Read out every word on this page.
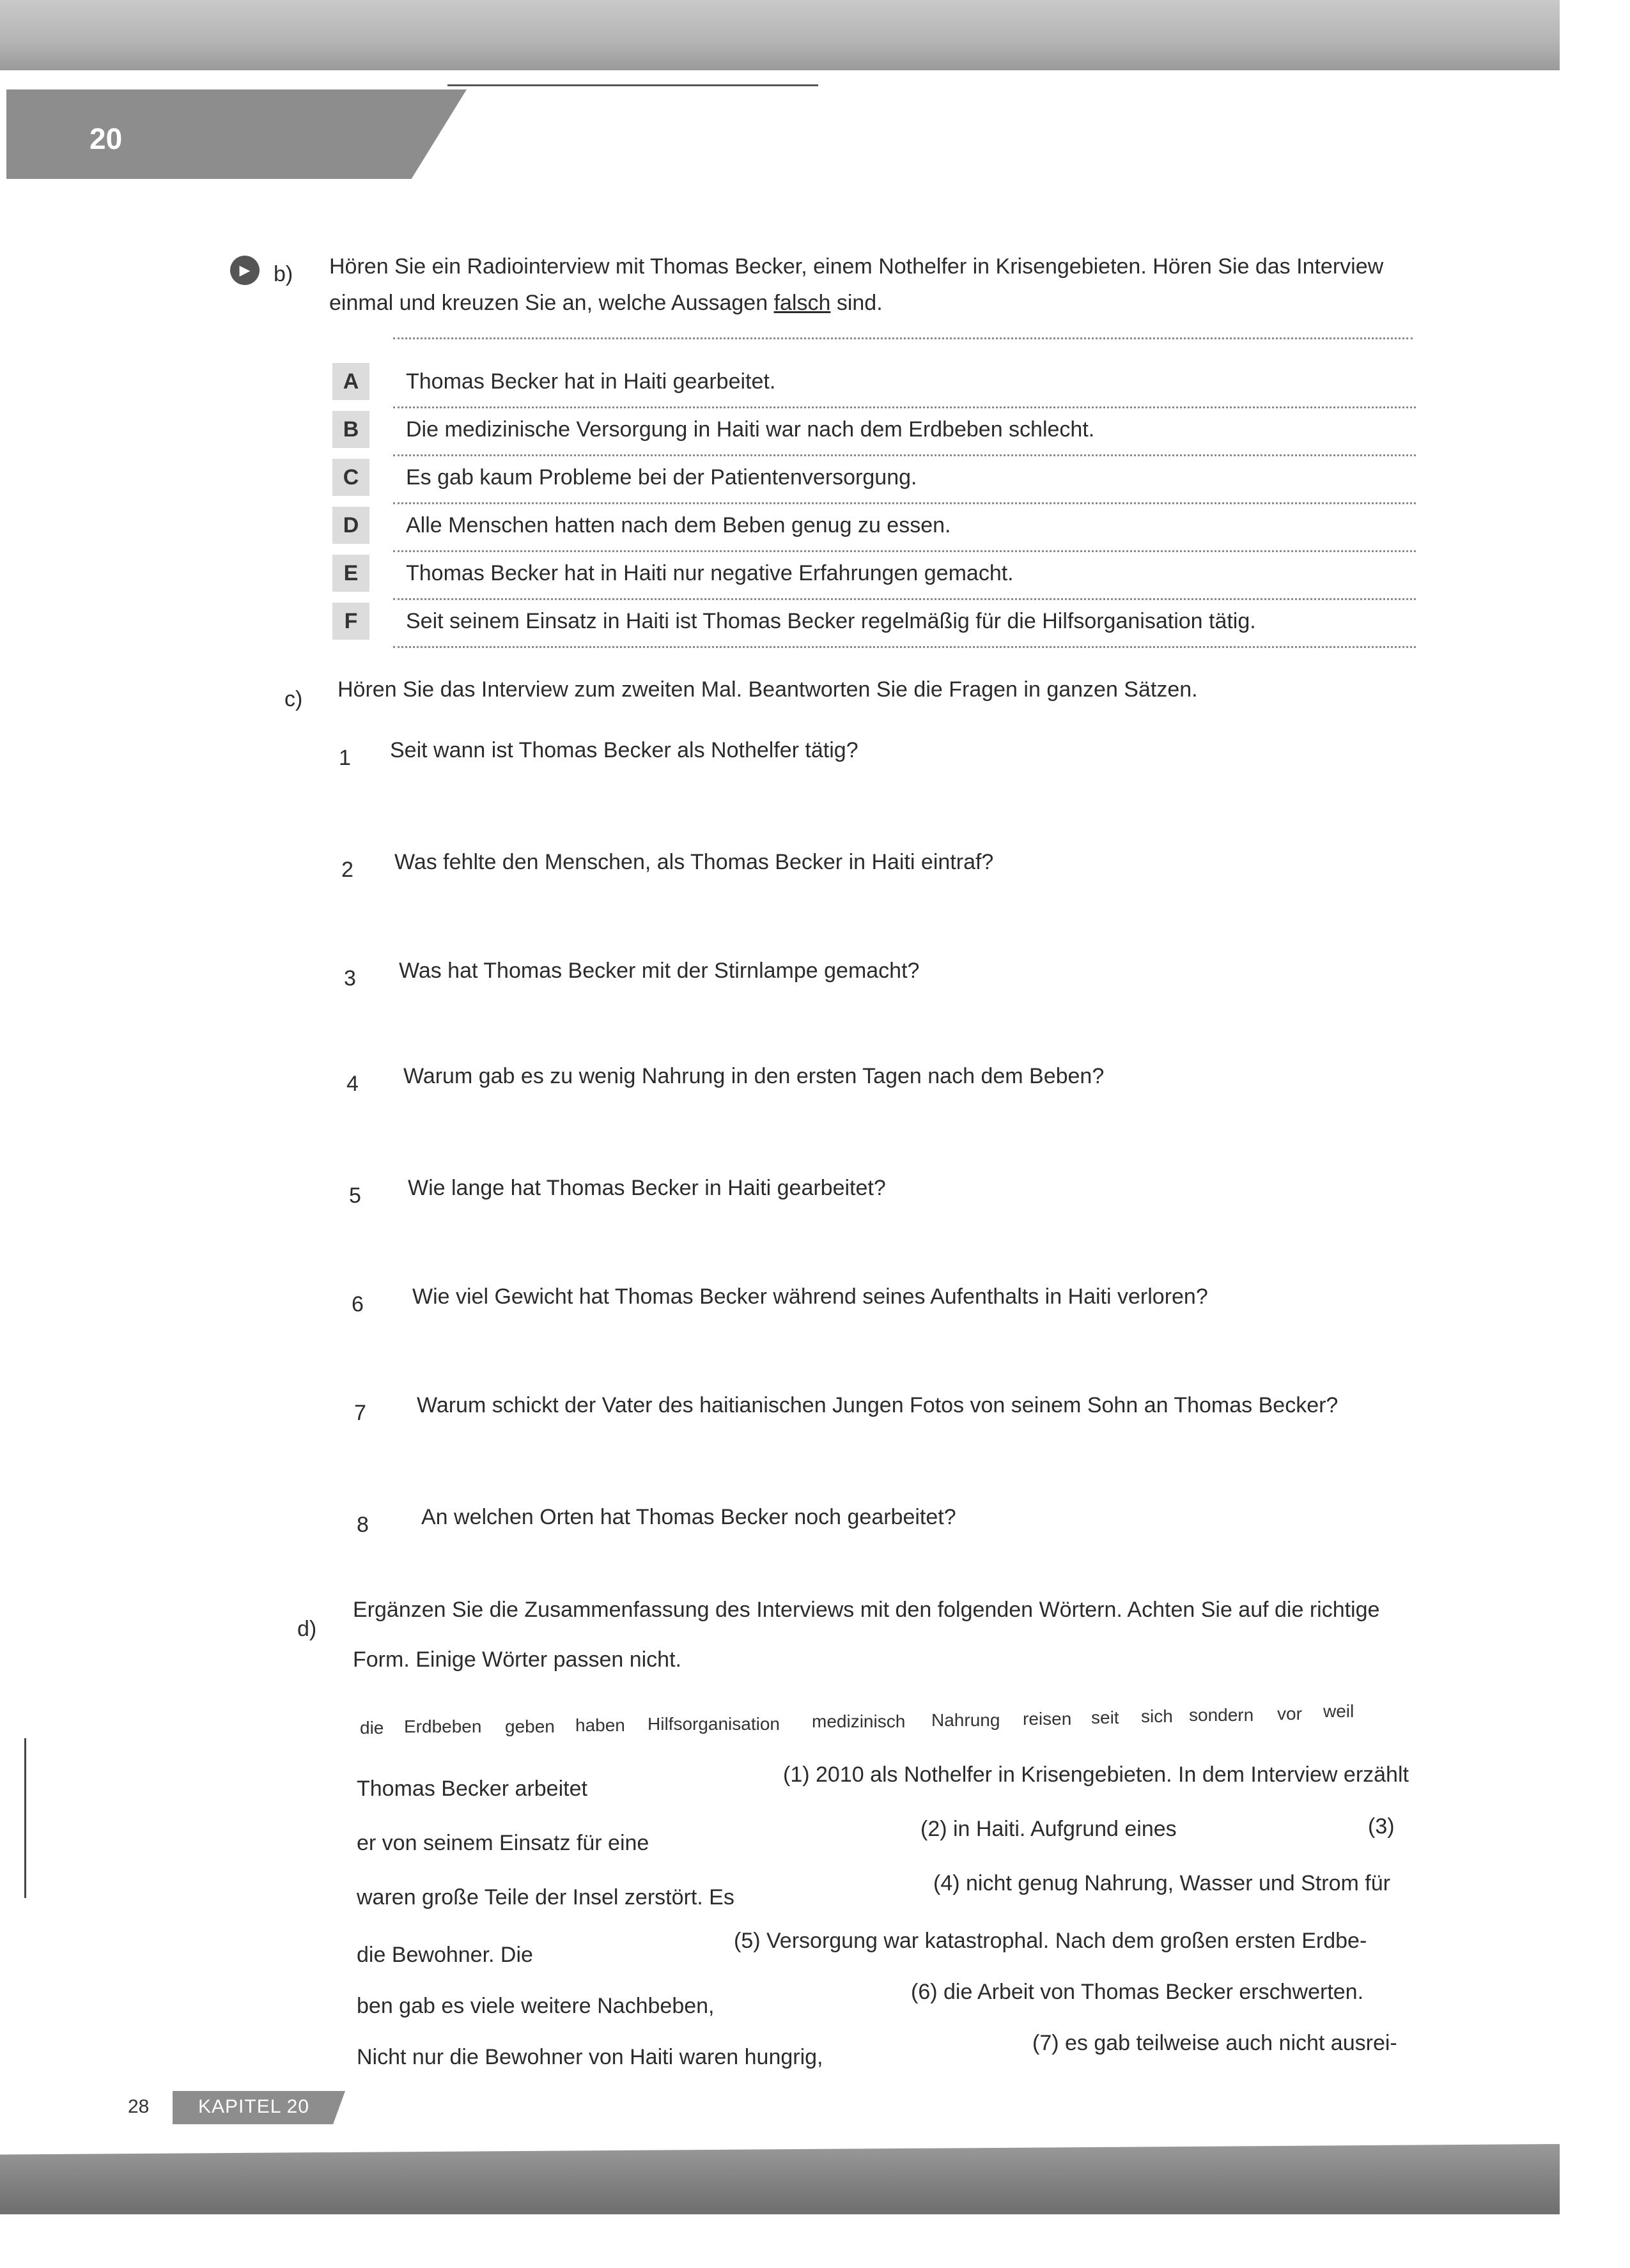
20
▶	b) Hören Sie ein Radiointerview mit Thomas Becker, einem Nothelfer in Krisengebieten. Hören Sie das Interview
einmal und kreuzen Sie an, welche Aussagen falsch sind.
A	Thomas Becker hat in Haiti gearbeitet.
B	Die medizinische Versorgung in Haiti war nach dem Erdbeben schlecht.
C	Es gab kaum Probleme bei der Patientenversorgung.
D	Alle Menschen hatten nach dem Beben genug zu essen.
E	Thomas Becker hat in Haiti nur negative Erfahrungen gemacht.
F	Seit seinem Einsatz in Haiti ist Thomas Becker regelmäßig für die Hilfsorganisation tätig.
c) Hören Sie das Interview zum zweiten Mal. Beantworten Sie die Fragen in ganzen Sätzen.
1 Seit wann ist Thomas Becker als Nothelfer tätig?
2 Was fehlte den Menschen, als Thomas Becker in Haiti eintraf?
3 Was hat Thomas Becker mit der Stirnlampe gemacht?
4 Warum gab es zu wenig Nahrung in den ersten Tagen nach dem Beben?
5 Wie lange hat Thomas Becker in Haiti gearbeitet?
6 Wie viel Gewicht hat Thomas Becker während seines Aufenthalts in Haiti verloren?
7 Warum schickt der Vater des haitianischen Jungen Fotos von seinem Sohn an Thomas Becker?
8 An welchen Orten hat Thomas Becker noch gearbeitet?
d)
Ergänzen Sie die Zusammenfassung des Interviews mit den folgenden Wörtern. Achten Sie auf die richtige
Form. Einige Wörter passen nicht.
die Erdbeben geben haben Hilfsorganisation medizinisch Nahrung reisen seit sich sondern vor weil
Thomas Becker arbeitet
(1) 2010 als Nothelfer in Krisengebieten. In dem Interview erzählt
er von seinem Einsatz für eine
(2) in Haiti. Aufgrund eines	(3)
waren große Teile der Insel zerstört. Es
(4) nicht genug Nahrung, Wasser und Strom für
die Bewohner. Die
(5) Versorgung war katastrophal. Nach dem großen ersten Erdbe-
ben gab es viele weitere Nachbeben,
(6) die Arbeit von Thomas Becker erschwerten.
Nicht nur die Bewohner von Haiti waren hungrig,
(7) es gab teilweise auch nicht ausrei-
28	KAPITEL 20
